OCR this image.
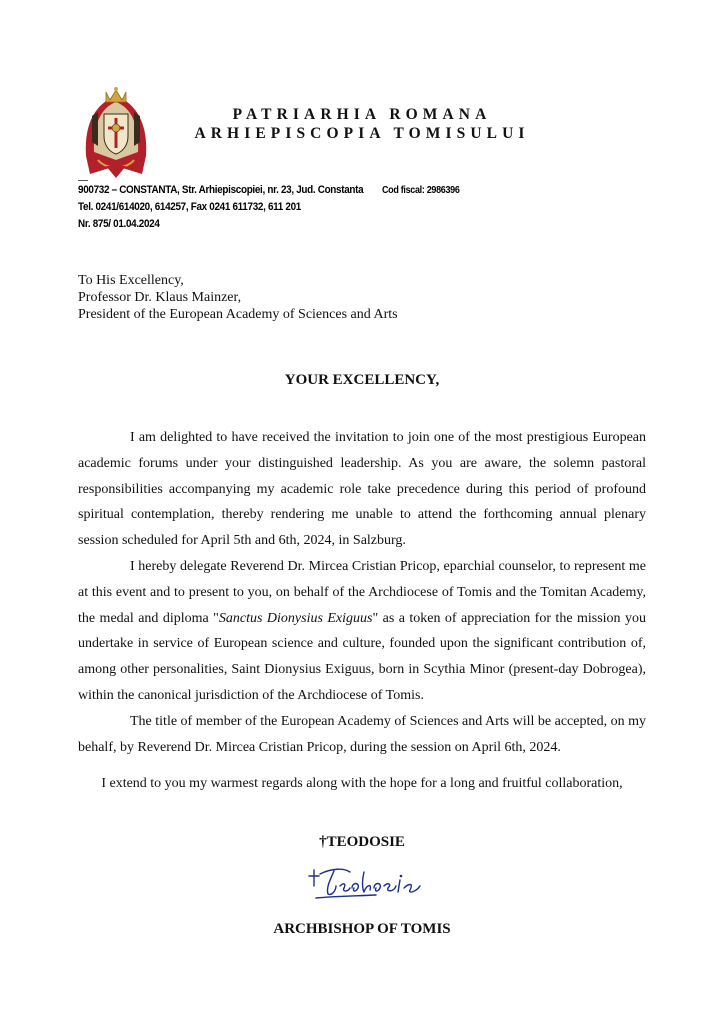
PATRIARHIA ROMANA
ARHIEPISCOPIA TOMISULUI
900732 – CONSTANTA, Str. Arhiepiscopiei, nr. 23, Jud. Constanta Cod fiscal: 2986396
Tel. 0241/614020, 614257, Fax 0241 611732, 611 201
Nr. 875/ 01.04.2024
To His Excellency,
Professor Dr. Klaus Mainzer,
President of the European Academy of Sciences and Arts
YOUR EXCELLENCY,

I am delighted to have received the invitation to join one of the most prestigious European academic forums under your distinguished leadership. As you are aware, the solemn pastoral responsibilities accompanying my academic role take precedence during this period of profound spiritual contemplation, thereby rendering me unable to attend the forthcoming annual plenary session scheduled for April 5th and 6th, 2024, in Salzburg.

I hereby delegate Reverend Dr. Mircea Cristian Pricop, eparchial counselor, to represent me at this event and to present to you, on behalf of the Archdiocese of Tomis and the Tomitan Academy, the medal and diploma "Sanctus Dionysius Exiguus" as a token of appreciation for the mission you undertake in service of European science and culture, founded upon the significant contribution of, among other personalities, Saint Dionysius Exiguus, born in Scythia Minor (present-day Dobrogea), within the canonical jurisdiction of the Archdiocese of Tomis.

The title of member of the European Academy of Sciences and Arts will be accepted, on my behalf, by Reverend Dr. Mircea Cristian Pricop, during the session on April 6th, 2024.

I extend to you my warmest regards along with the hope for a long and fruitful collaboration,
†TEODOSIE
ARCHBISHOP OF TOMIS
